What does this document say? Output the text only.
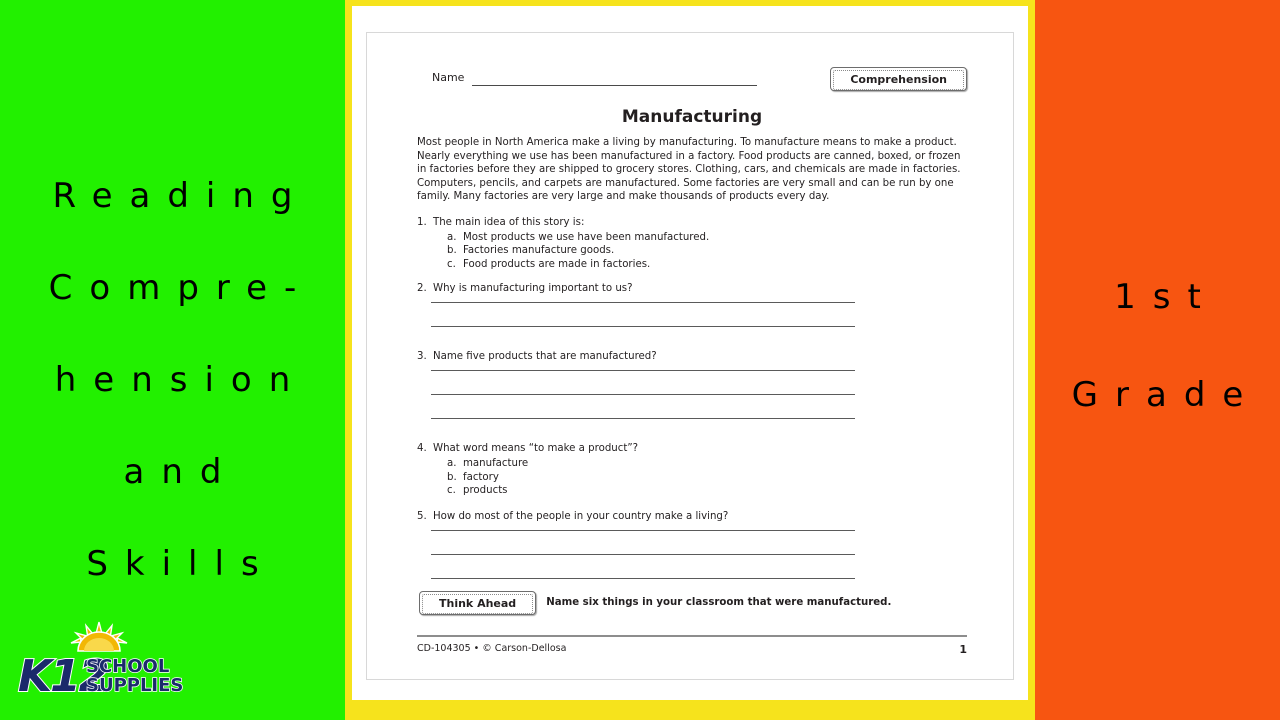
Reading
Compre-
hension
and
Skills
K12
SCHOOL
SUPPLIES
1st
Grade
Name	Comprehension
Manufacturing

Most people in North America make a living by manufacturing. To manufacture means to make a product. Nearly everything we use has been manufactured in a factory. Food products are canned, boxed, or frozen in factories before they are shipped to grocery stores. Clothing, cars, and chemicals are made in factories. Computers, pencils, and carpets are manufactured. Some factories are very small and can be run by one family. Many factories are very large and make thousands of products every day.

1. The main idea of this story is:
a. Most products we use have been manufactured.
b. Factories manufacture goods.
c. Food products are made in factories.
2. Why is manufacturing important to us?
3. Name five products that are manufactured?
4. What word means “to make a product”?
a. manufacture
b. factory
c. products
5. How do most of the people in your country make a living?
Think Ahead	Name six things in your classroom that were manufactured.
CD-104305 • © Carson-Dellosa	1
